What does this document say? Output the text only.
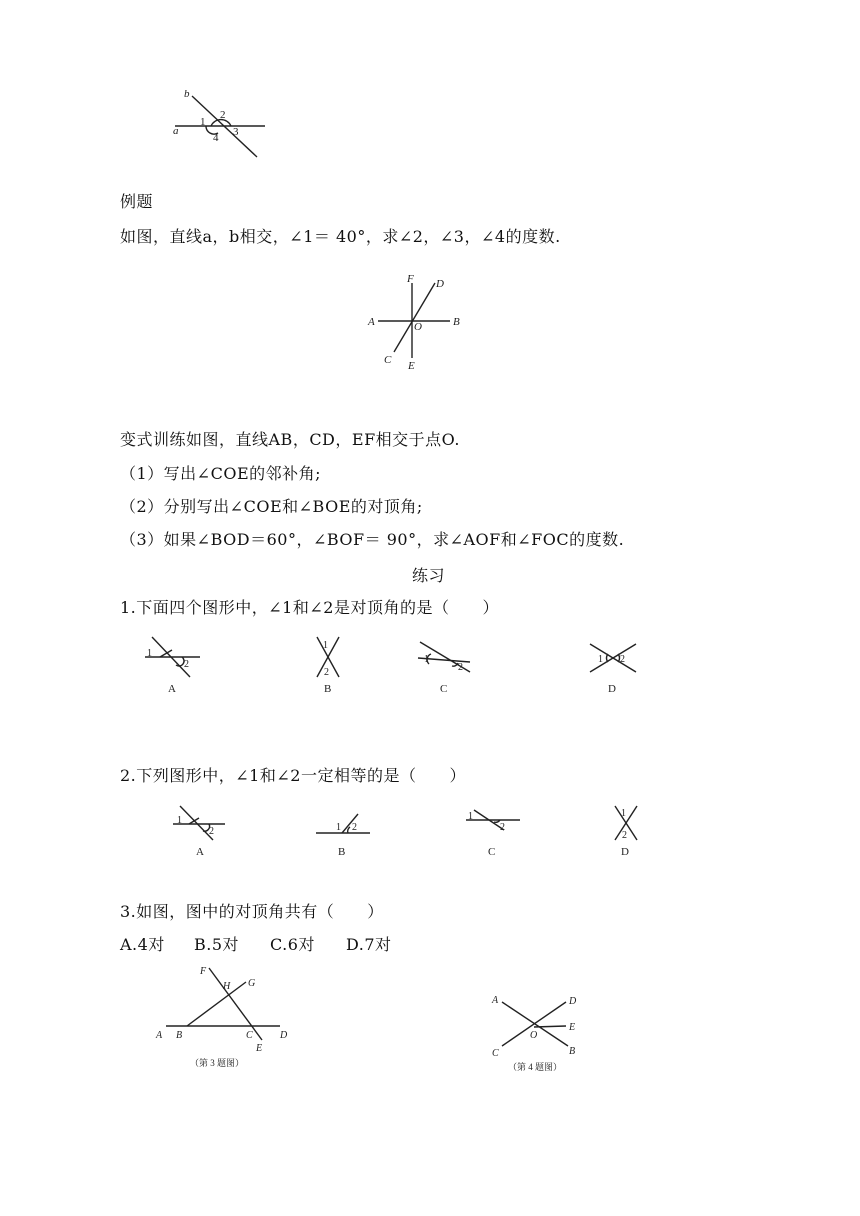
b
a
1
2
3
4
例题
如图，直线a，b相交，∠1＝ 40°，求∠2，∠3，∠4的度数.
A	B
C
D
E
F
O
变式训练如图，直线AB，CD，EF相交于点O.
（1）写出∠COE的邻补角;
（2）分别写出∠COE和∠BOE的对顶角;
（3）如果∠BOD＝60°，∠BOF＝ 90°，求∠AOF和∠FOC的度数.
练习
1.下面四个图形中，∠1和∠2是对顶角的是（　　）
1
2
A
1
2
B
1
2
C
1 2
D
2.下列图形中，∠1和∠2一定相等的是（　　）
1
2
A
1 2
B
1
2
C
1
2
D
3.如图，图中的对顶角共有（　　）
A.4对 B.5对 C.6对 D.7对
A B	C	D
E
F
G
H
（第 3 题图）
A
B
C
D
E
O
（第 4 题图）
